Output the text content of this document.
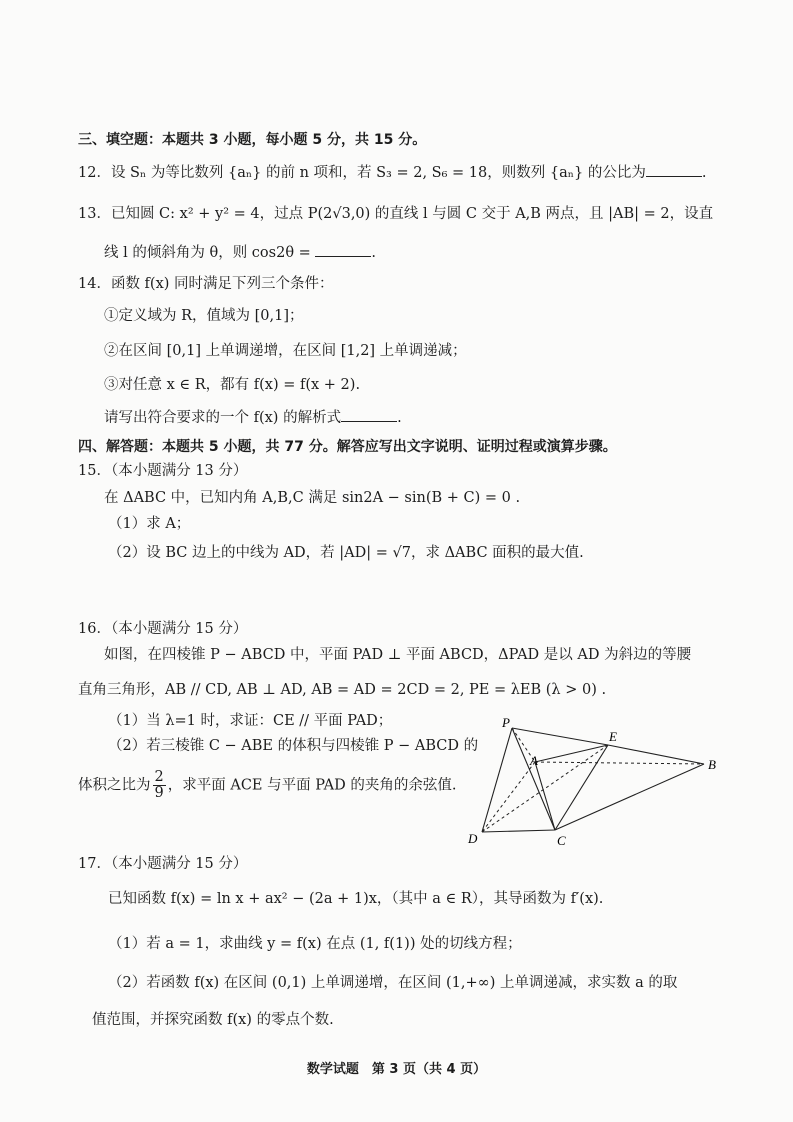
三、填空题：本题共 3 小题，每小题 5 分，共 15 分。
12．设 Sₙ 为等比数列 {aₙ} 的前 n 项和，若 S₃ = 2, S₆ = 18，则数列 {aₙ} 的公比为	.
13．已知圆 C: x² + y² = 4，过点 P(2√3,0) 的直线 l 与圆 C 交于 A,B 两点，且 |AB| = 2，设直
线 l 的倾斜角为 θ，则 cos2θ =	.
14．函数 f(x) 同时满足下列三个条件：
①定义域为 R，值域为 [0,1]；
②在区间 [0,1] 上单调递增，在区间 [1,2] 上单调递减；
③对任意 x ∈ R，都有 f(x) = f(x + 2).
请写出符合要求的一个 f(x) 的解析式	.
四、解答题：本题共 5 小题，共 77 分。解答应写出文字说明、证明过程或演算步骤。
15．（本小题满分 13 分）
在 ΔABC 中，已知内角 A,B,C 满足 sin2A − sin(B + C) = 0 .
（1）求 A；
（2）设 BC 边上的中线为 AD，若 |AD| = √7，求 ΔABC 面积的最大值.
16．（本小题满分 15 分）
如图，在四棱锥 P − ABCD 中，平面 PAD ⊥ 平面 ABCD，ΔPAD 是以 AD 为斜边的等腰
直角三角形，AB // CD, AB ⊥ AD, AB = AD = 2CD = 2, PE = λEB (λ > 0) .
（1）当 λ=1 时，求证：CE // 平面 PAD；
（2）若三棱锥 C − ABE 的体积与四棱锥 P − ABCD 的
体积之比为 $\frac{2}{9}$ ，求平面 ACE 与平面 PAD 的夹角的余弦值.
P
E
A	B
D	C
17．（本小题满分 15 分）
已知函数 f(x) = ln x + ax² − (2a + 1)x，（其中 a ∈ R），其导函数为 f′(x).
（1）若 a = 1，求曲线 y = f(x) 在点 (1, f(1)) 处的切线方程；
（2）若函数 f(x) 在区间 (0,1) 上单调递增，在区间 (1,+∞) 上单调递减，求实数 a 的取
值范围，并探究函数 f(x) 的零点个数.
数学试题　第 3 页（共 4 页）
